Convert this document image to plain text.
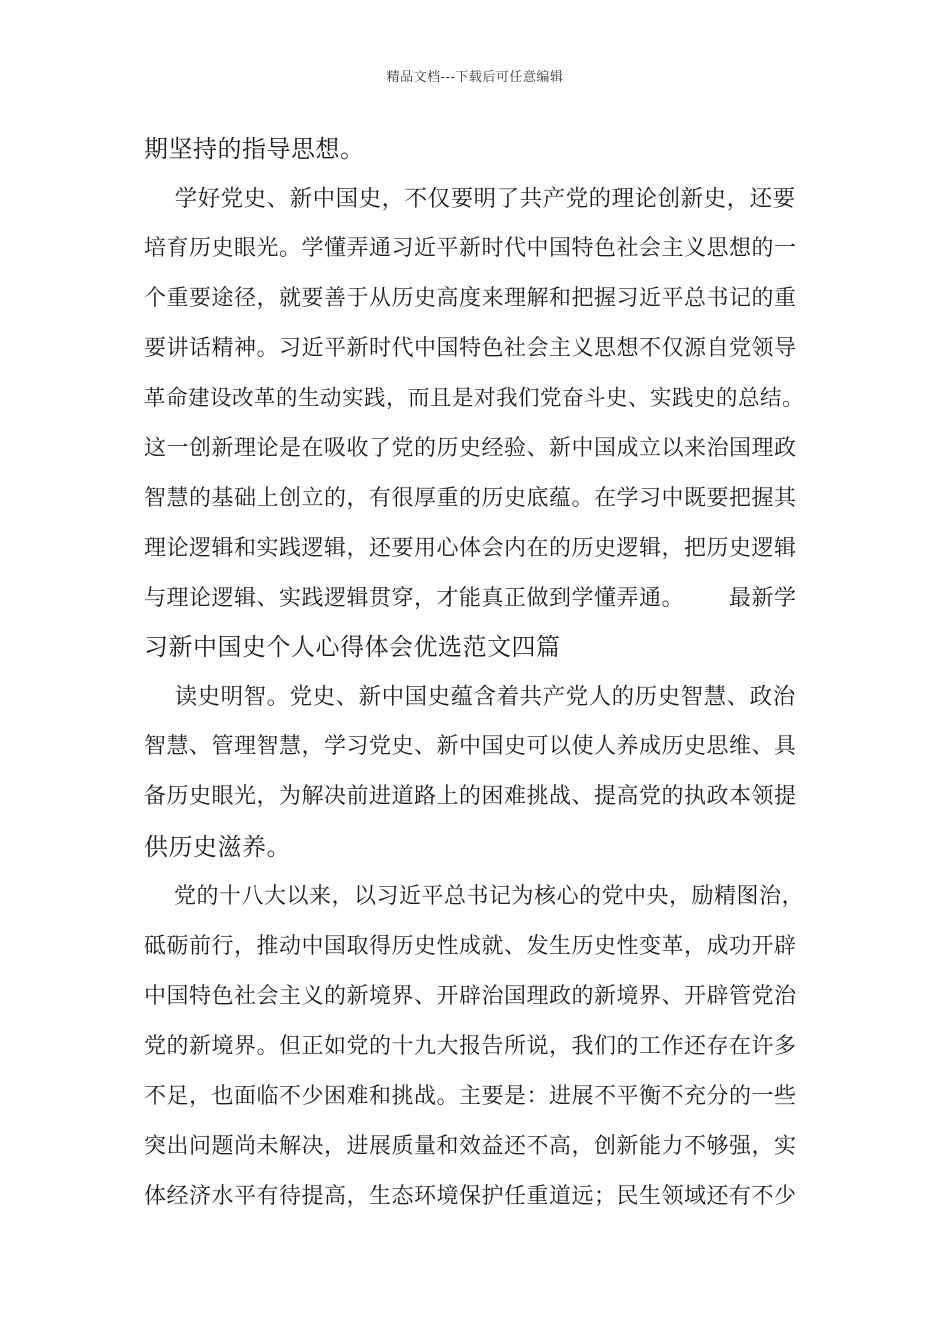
精品文档---下载后可任意编辑
期坚持的指导思想。
学好党史、新中国史，不仅要明了共产党的理论创新史，还要
培育历史眼光。学懂弄通习近平新时代中国特色社会主义思想的一
个重要途径，就要善于从历史高度来理解和把握习近平总书记的重
要讲话精神。习近平新时代中国特色社会主义思想不仅源自党领导
革命建设改革的生动实践，而且是对我们党奋斗史、实践史的总结。
这一创新理论是在吸收了党的历史经验、新中国成立以来治国理政
智慧的基础上创立的，有很厚重的历史底蕴。在学习中既要把握其
理论逻辑和实践逻辑，还要用心体会内在的历史逻辑，把历史逻辑
与理论逻辑、实践逻辑贯穿，才能真正做到学懂弄通。      最新学
习新中国史个人心得体会优选范文四篇
读史明智。党史、新中国史蕴含着共产党人的历史智慧、政治
智慧、管理智慧，学习党史、新中国史可以使人养成历史思维、具
备历史眼光，为解决前进道路上的困难挑战、提高党的执政本领提
供历史滋养。
党的十八大以来，以习近平总书记为核心的党中央，励精图治，
砥砺前行，推动中国取得历史性成就、发生历史性变革，成功开辟
中国特色社会主义的新境界、开辟治国理政的新境界、开辟管党治
党的新境界。但正如党的十九大报告所说，我们的工作还存在许多
不足，也面临不少困难和挑战。主要是：进展不平衡不充分的一些
突出问题尚未解决，进展质量和效益还不高，创新能力不够强，实
体经济水平有待提高，生态环境保护任重道远；民生领域还有不少
